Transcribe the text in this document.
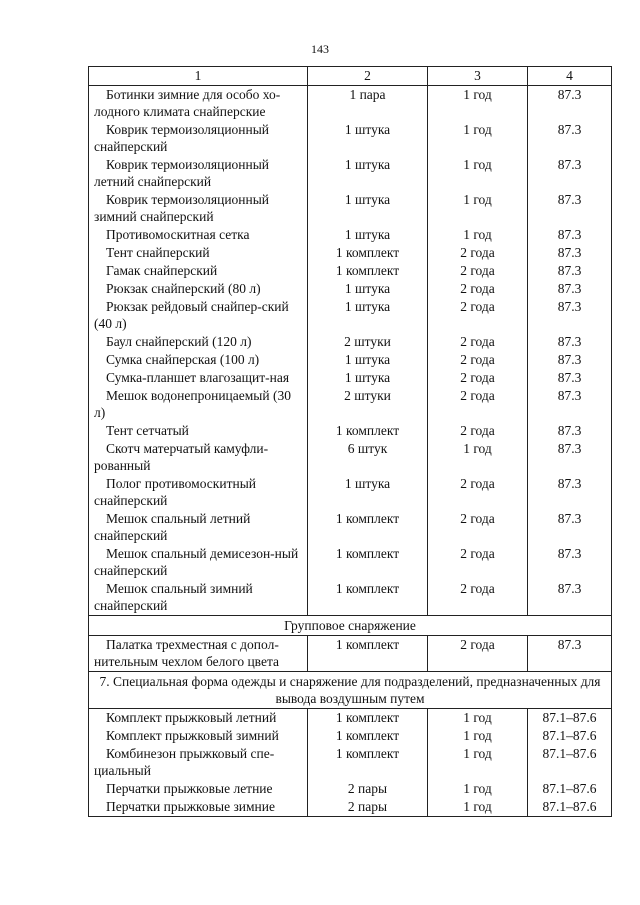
143
1	2	3	4
Ботинки зимние для особо хо-лодного климата снайперские	1 пара	1 год	87.3
Коврик термоизоляционный снайперский	1 штука	1 год	87.3
Коврик термоизоляционный летний снайперский	1 штука	1 год	87.3
Коврик термоизоляционный зимний снайперский	1 штука	1 год	87.3
Противомоскитная сетка	1 штука	1 год	87.3
Тент снайперский	1 комплект	2 года	87.3
Гамак снайперский	1 комплект	2 года	87.3
Рюкзак снайперский (80 л)	1 штука	2 года	87.3
Рюкзак рейдовый снайпер-ский (40 л)	1 штука	2 года	87.3
Баул снайперский (120 л)	2 штуки	2 года	87.3
Сумка снайперская (100 л)	1 штука	2 года	87.3
Сумка-планшет влагозащит-ная	1 штука	2 года	87.3
Мешок водонепроницаемый (30 л)	2 штуки	2 года	87.3
Тент сетчатый	1 комплект	2 года	87.3
Скотч матерчатый камуфли-рованный	6 штук	1 год	87.3
Полог противомоскитный снайперский	1 штука	2 года	87.3
Мешок спальный летний снайперский	1 комплект	2 года	87.3
Мешок спальный демисезон-ный снайперский	1 комплект	2 года	87.3
Мешок спальный зимний снайперский	1 комплект	2 года	87.3
Групповое снаряжение			
Палатка трехместная с допол-нительным чехлом белого цвета	1 комплект	2 года	87.3
7. Специальная форма одежды и снаряжение для подразделений, предназначенных для вывода воздушным путем			
Комплект прыжковый летний	1 комплект	1 год	87.1–87.6
Комплект прыжковый зимний	1 комплект	1 год	87.1–87.6
Комбинезон прыжковый спе-циальный	1 комплект	1 год	87.1–87.6
Перчатки прыжковые летние	2 пары	1 год	87.1–87.6
Перчатки прыжковые зимние	2 пары	1 год	87.1–87.6
